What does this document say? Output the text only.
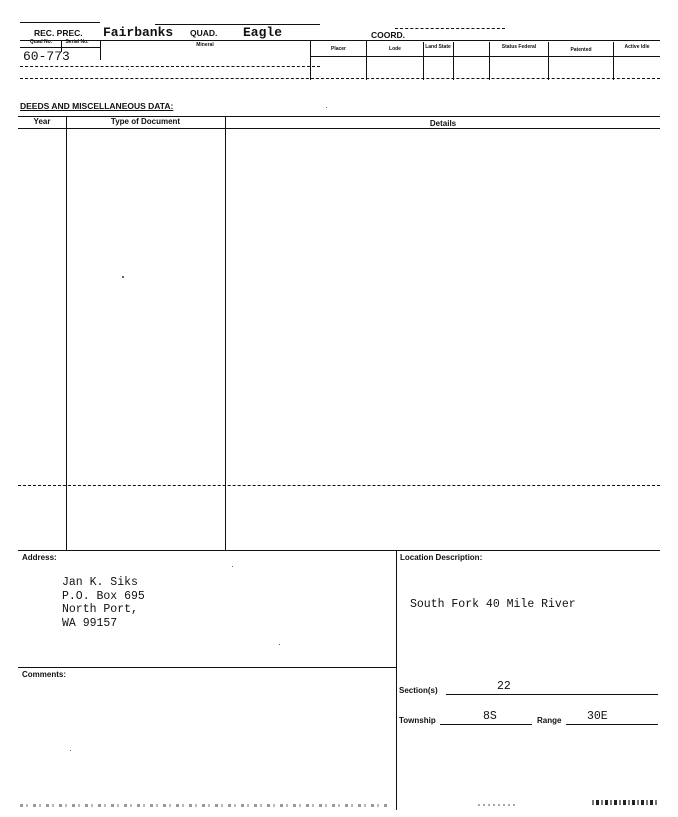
REC. PREC. Fairbanks QUAD. Eagle	COORD.
Quad No.	Serial No.	Mineral
Placer	Lode	Land State	Status Federal	Patented	Active Idle
60-773
DEEDS AND MISCELLANEOUS DATA:
Year	Type of Document	Details
Address:
Jan K. Siks
P.O. Box 695
North Port,
WA 99157
Location Description:
South Fork 40 Mile River
Comments:
Section(s)	22
Township	8S	Range 30E
